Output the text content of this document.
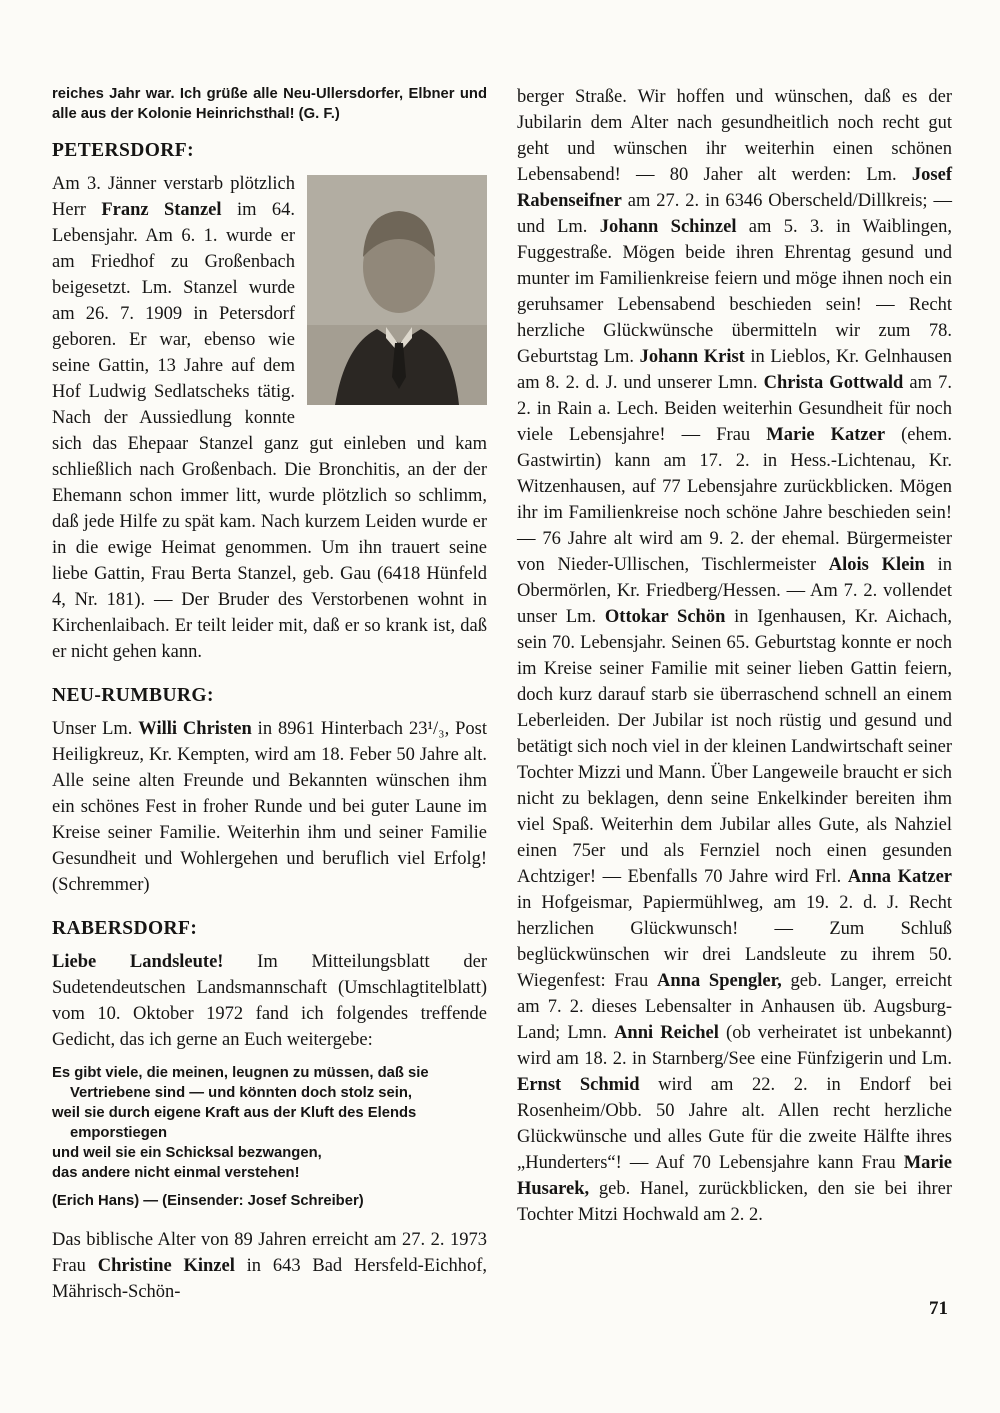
reiches Jahr war. Ich grüße alle Neu-Ullersdorfer, Elbner und alle aus der Kolonie Heinrichsthal! (G. F.)

PETERSDORF:

Am 3. Jänner verstarb plötzlich Herr Franz Stanzel im 64. Lebensjahr. Am 6. 1. wurde er am Friedhof zu Großenbach beigesetzt. Lm. Stanzel wurde am 26. 7. 1909 in Petersdorf geboren. Er war, ebenso wie seine Gattin, 13 Jahre auf dem Hof Ludwig Sedlatscheks tätig. Nach der Aussiedlung konnte sich das Ehepaar Stanzel ganz gut einleben und kam schließlich nach Großenbach. Die Bronchitis, an der der Ehemann schon immer litt, wurde plötzlich so schlimm, daß jede Hilfe zu spät kam. Nach kurzem Leiden wurde er in die ewige Heimat genommen. Um ihn trauert seine liebe Gattin, Frau Berta Stanzel, geb. Gau (6418 Hünfeld 4, Nr. 181). — Der Bruder des Verstorbenen wohnt in Kirchenlaibach. Er teilt leider mit, daß er so krank ist, daß er nicht gehen kann.

NEU-RUMBURG:

Unser Lm. Willi Christen in 8961 Hinterbach 23¹/₃, Post Heiligkreuz, Kr. Kempten, wird am 18. Feber 50 Jahre alt. Alle seine alten Freunde und Bekannten wünschen ihm ein schönes Fest in froher Runde und bei guter Laune im Kreise seiner Familie. Weiterhin ihm und seiner Familie Gesundheit und Wohlergehen und beruflich viel Erfolg! (Schremmer)

RABERSDORF:

Liebe Landsleute! Im Mitteilungsblatt der Sudetendeutschen Landsmannschaft (Umschlagtitelblatt) vom 10. Oktober 1972 fand ich folgendes treffende Gedicht, das ich gerne an Euch weitergebe:

Es gibt viele, die meinen, leugnen zu müssen, daß sie Vertriebene sind — und könnten doch stolz sein,
weil sie durch eigene Kraft aus der Kluft des Elends emporstiegen
und weil sie ein Schicksal bezwangen,
das andere nicht einmal verstehen!

(Erich Hans) — (Einsender: Josef Schreiber)

Das biblische Alter von 89 Jahren erreicht am 27. 2. 1973 Frau Christine Kinzel in 643 Bad Hersfeld-Eichhof, Mährisch-Schön-

berger Straße. Wir hoffen und wünschen, daß es der Jubilarin dem Alter nach gesundheitlich noch recht gut geht und wünschen ihr weiterhin einen schönen Lebensabend! — 80 Jaher alt werden: Lm. Josef Rabenseifner am 27. 2. in 6346 Oberscheld/Dillkreis; — und Lm. Johann Schinzel am 5. 3. in Waiblingen, Fuggestraße. Mögen beide ihren Ehrentag gesund und munter im Familienkreise feiern und möge ihnen noch ein geruhsamer Lebensabend beschieden sein! — Recht herzliche Glückwünsche übermitteln wir zum 78. Geburtstag Lm. Johann Krist in Lieblos, Kr. Gelnhausen am 8. 2. d. J. und unserer Lmn. Christa Gottwald am 7. 2. in Rain a. Lech. Beiden weiterhin Gesundheit für noch viele Lebensjahre! — Frau Marie Katzer (ehem. Gastwirtin) kann am 17. 2. in Hess.-Lichtenau, Kr. Witzenhausen, auf 77 Lebensjahre zurückblicken. Mögen ihr im Familienkreise noch schöne Jahre beschieden sein! — 76 Jahre alt wird am 9. 2. der ehemal. Bürgermeister von Nieder-Ullischen, Tischlermeister Alois Klein in Obermörlen, Kr. Friedberg/Hessen. — Am 7. 2. vollendet unser Lm. Ottokar Schön in Igenhausen, Kr. Aichach, sein 70. Lebensjahr. Seinen 65. Geburtstag konnte er noch im Kreise seiner Familie mit seiner lieben Gattin feiern, doch kurz darauf starb sie überraschend schnell an einem Leberleiden. Der Jubilar ist noch rüstig und gesund und betätigt sich noch viel in der kleinen Landwirtschaft seiner Tochter Mizzi und Mann. Über Langeweile braucht er sich nicht zu beklagen, denn seine Enkelkinder bereiten ihm viel Spaß. Weiterhin dem Jubilar alles Gute, als Nahziel einen 75er und als Fernziel noch einen gesunden Achtziger! — Ebenfalls 70 Jahre wird Frl. Anna Katzer in Hofgeismar, Papiermühlweg, am 19. 2. d. J. Recht herzlichen Glückwunsch! — Zum Schluß beglückwünschen wir drei Landsleute zu ihrem 50. Wiegenfest: Frau Anna Spengler, geb. Langer, erreicht am 7. 2. dieses Lebensalter in Anhausen üb. Augsburg-Land; Lmn. Anni Reichel (ob verheiratet ist unbekannt) wird am 18. 2. in Starnberg/See eine Fünfzigerin und Lm. Ernst Schmid wird am 22. 2. in Endorf bei Rosenheim/Obb. 50 Jahre alt. Allen recht herzliche Glückwünsche und alles Gute für die zweite Hälfte ihres „Hunderters“! — Auf 70 Lebensjahre kann Frau Marie Husarek, geb. Hanel, zurückblicken, den sie bei ihrer Tochter Mitzi Hochwald am 2. 2.

71
